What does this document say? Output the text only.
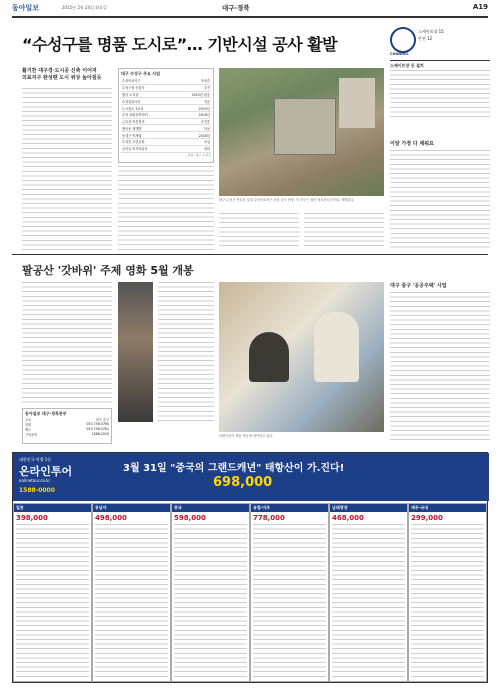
동아일보	2015년 2월 24일 화요일	대구·경북	A19
“수성구를 명품 도시로”… 기반시설 공사 활발	CHANNEL
스케이트장 15
안전 12
스케이트장 등 설치
활기찬 대구경·도시공 신축 이어져
의료지구 완성땐 도시 위상 높아질듯
대구 수성구 주요 사업
수성의료지구	조성중
수성구청 신청사	추진
범어 도서관	2015년 완공
수성알파시티	착공
도시철도 3호선	2015년
수성 복합문화센터	2016년
금호강 하천정비	추진중
범어동 재개발	착공
동대구 역세권	2016년
수성못 수변공원	조성
들안길 먹거리타운	정비
자료: 대구 수성구
대구 수성구 연호동 일대 수성의료지구 조성 공사 현장. 이 지구는 첨단 의료산업 단지로 개발된다.
이달 가정 다 채워요
팔공산 '갓바위' 주제 영화 5월 개봉
어린이들이 체험 학습에 참여하고 있다.
대구 중구 '공공주택' 사업
동아일보 대구·경북본부
주소	대구 중구
전화	053-756-5760
팩스	053-756-5761
구독문의	1588-2020
대한민국 여행 1등
온라인투어
onlinetour.co.kr
1588-0000
3월 31일 "중국의 그랜드캐년" 태항산이 가.진다!
698,000
일본
398,000
동남아
498,000
중국
598,000
유럽·미주
778,000
남태평양
468,000
제주·국내
299,000
